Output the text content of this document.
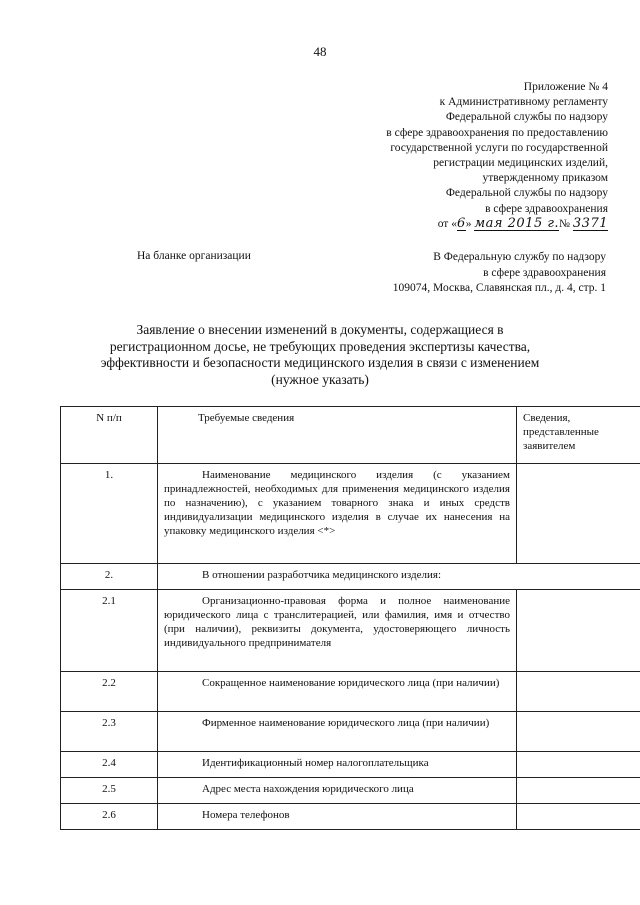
48
Приложение № 4
к Административному регламенту
Федеральной службы по надзору
в сфере здравоохранения по предоставлению
государственной услуги по государственной
регистрации медицинских изделий,
утвержденному приказом
Федеральной службы по надзору
в сфере здравоохранения
от «6» мая 2015 г.№ 3371
На бланке организации	В Федеральную службу по надзору
в сфере здравоохранения
109074, Москва, Славянская пл., д. 4, стр. 1
Заявление о внесении изменений в документы, содержащиеся в
регистрационном досье, не требующих проведения экспертизы качества,
эффективности и безопасности медицинского изделия в связи с изменением
(нужное указать)
N п/п	Требуемые сведения	Сведения, представленные заявителем
1.	Наименование медицинского изделия (с указанием принадлежностей, необходимых для применения медицинского изделия по назначению), с указанием товарного знака и иных средств индивидуализации медицинского изделия в случае их нанесения на упаковку медицинского изделия <*>	
2.	В отношении разработчика медицинского изделия:	
2.1	Организационно-правовая форма и полное наименование юридического лица с транслитерацией, или фамилия, имя и отчество (при наличии), реквизиты документа, удостоверяющего личность индивидуального предпринимателя	
2.2	Сокращенное наименование юридического лица (при наличии)	
2.3	Фирменное наименование юридического лица (при наличии)	
2.4	Идентификационный номер налогоплательщика	
2.5	Адрес места нахождения юридического лица	
2.6	Номера телефонов	
